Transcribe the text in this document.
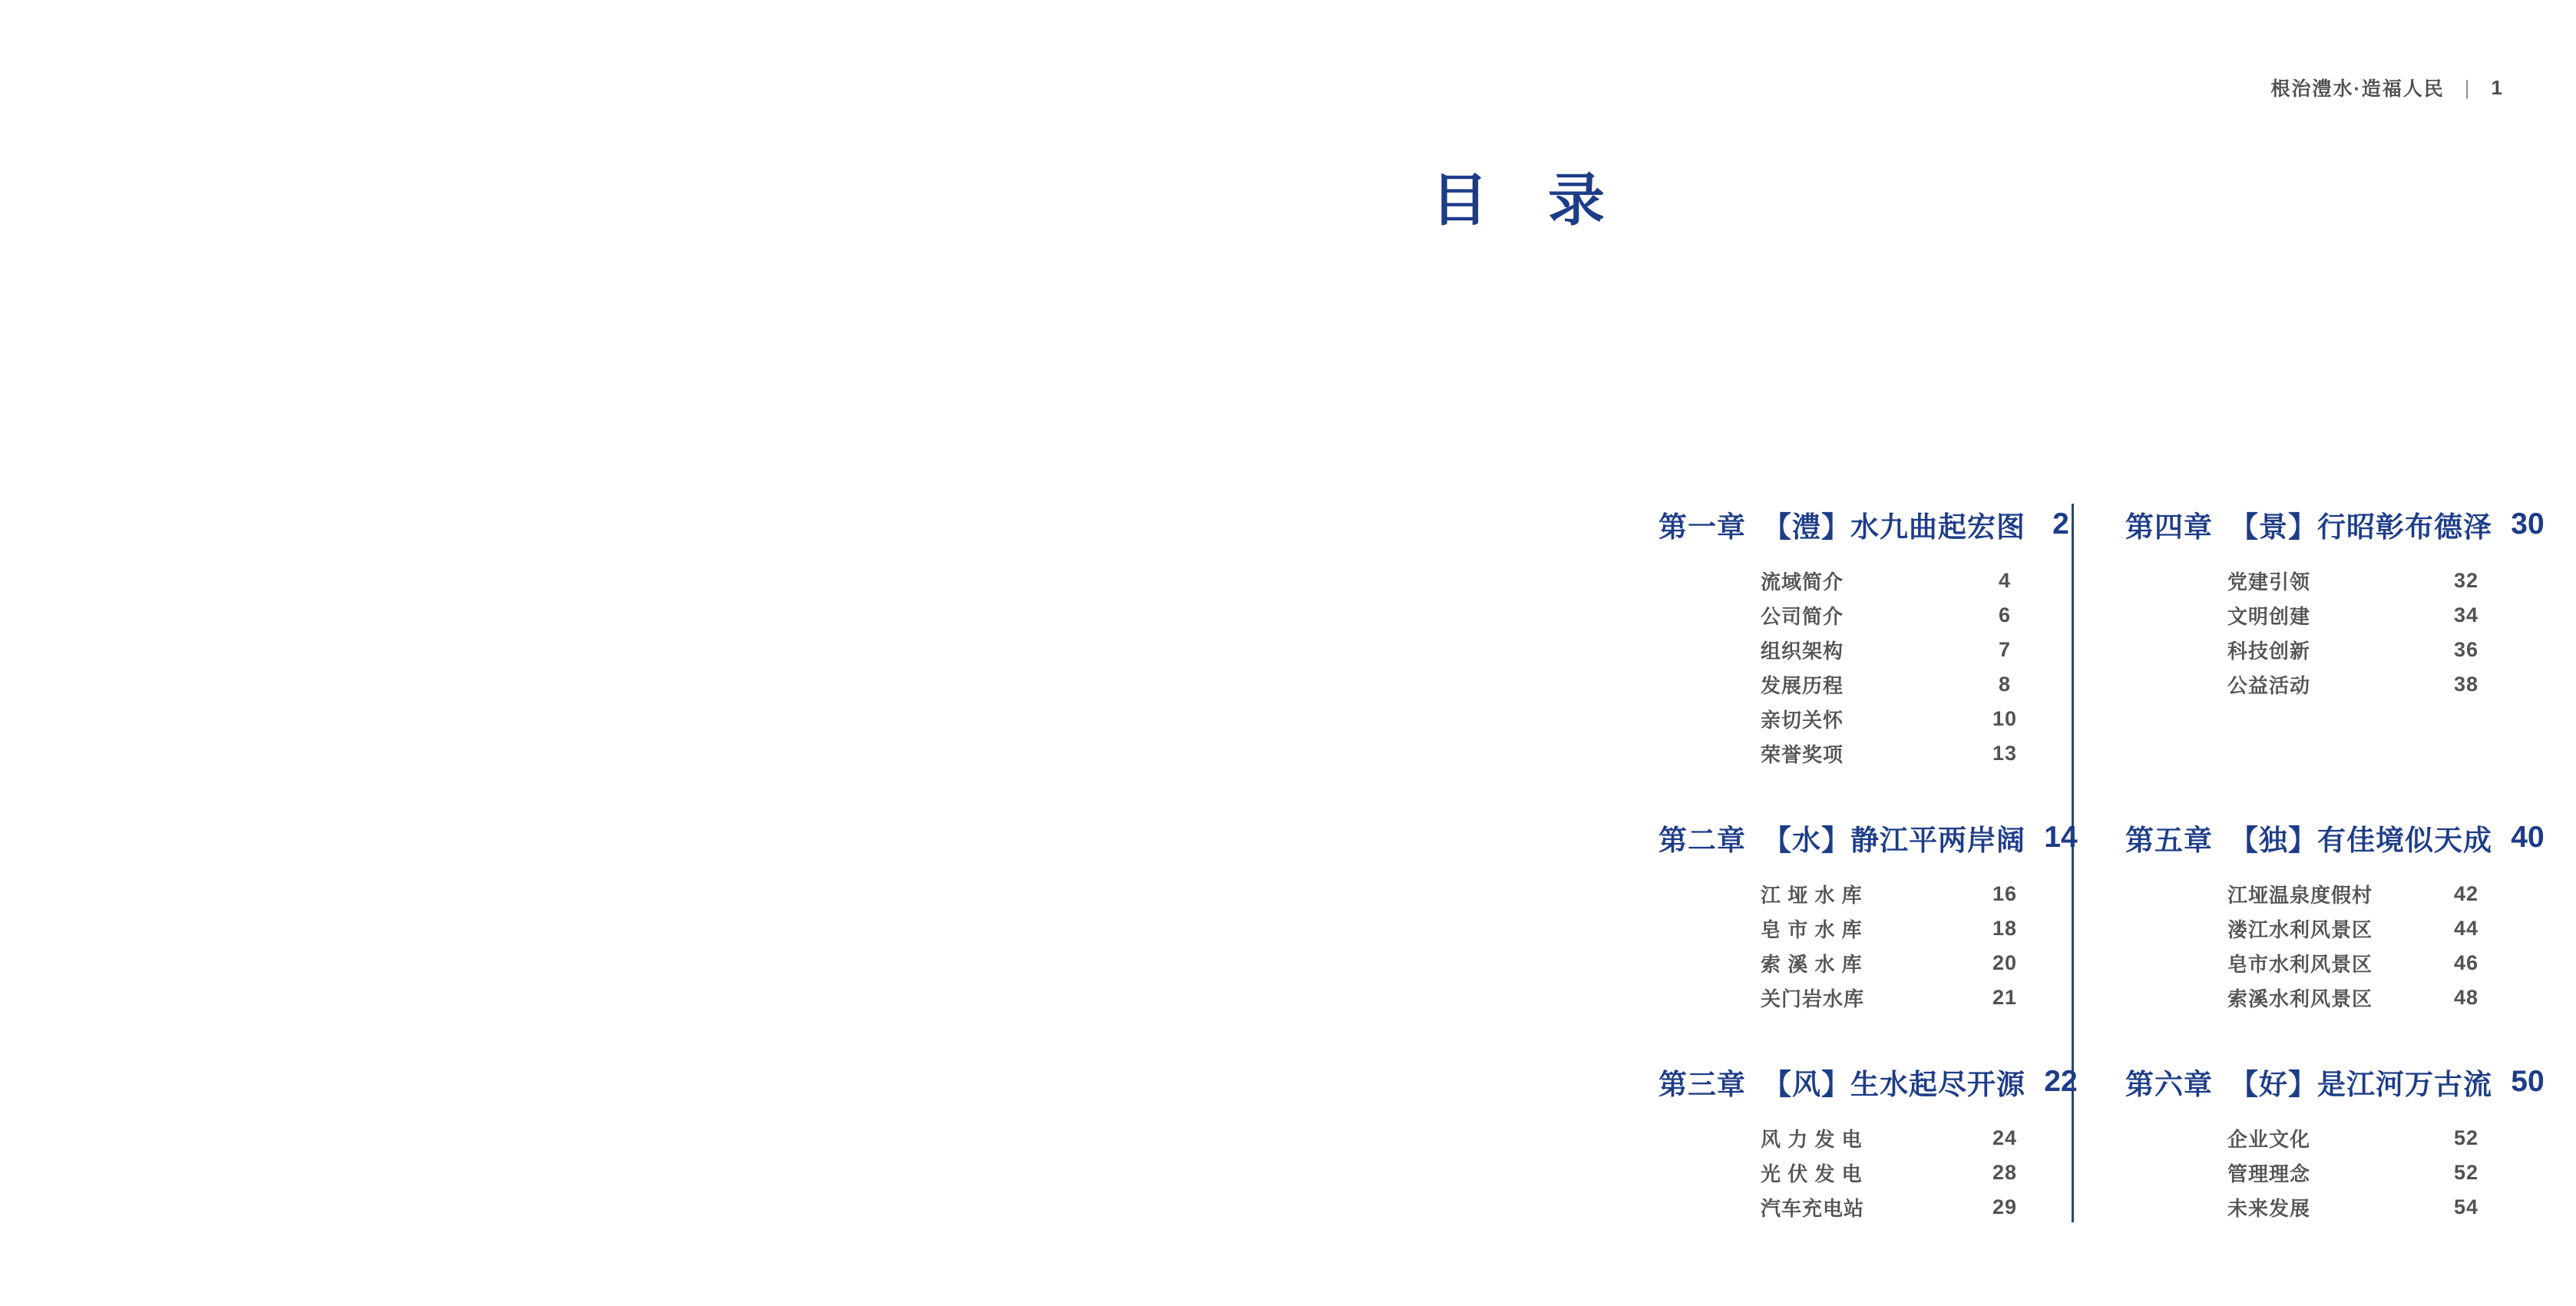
根治澧水·造福人民 | 1
目　录
第一章 【澧】水九曲起宏图 2
流域简介	4
公司简介	6
组织架构	7
发展历程	8
亲切关怀	10
荣誉奖项	13
第二章 【水】静江平两岸阔 14
江 垭 水 库	16
皂 市 水 库	18
索 溪 水 库	20
关门岩水库	21
第三章 【风】生水起尽开源 22
风 力 发 电	24
光 伏 发 电	28
汽车充电站	29
第四章 【景】行昭彰布德泽 30
党建引领	32
文明创建	34
科技创新	36
公益活动	38
第五章 【独】有佳境似天成 40
江垭温泉度假村	42
溇江水利风景区	44
皂市水利风景区	46
索溪水利风景区	48
第六章 【好】是江河万古流 50
企业文化	52
管理理念	52
未来发展	54
